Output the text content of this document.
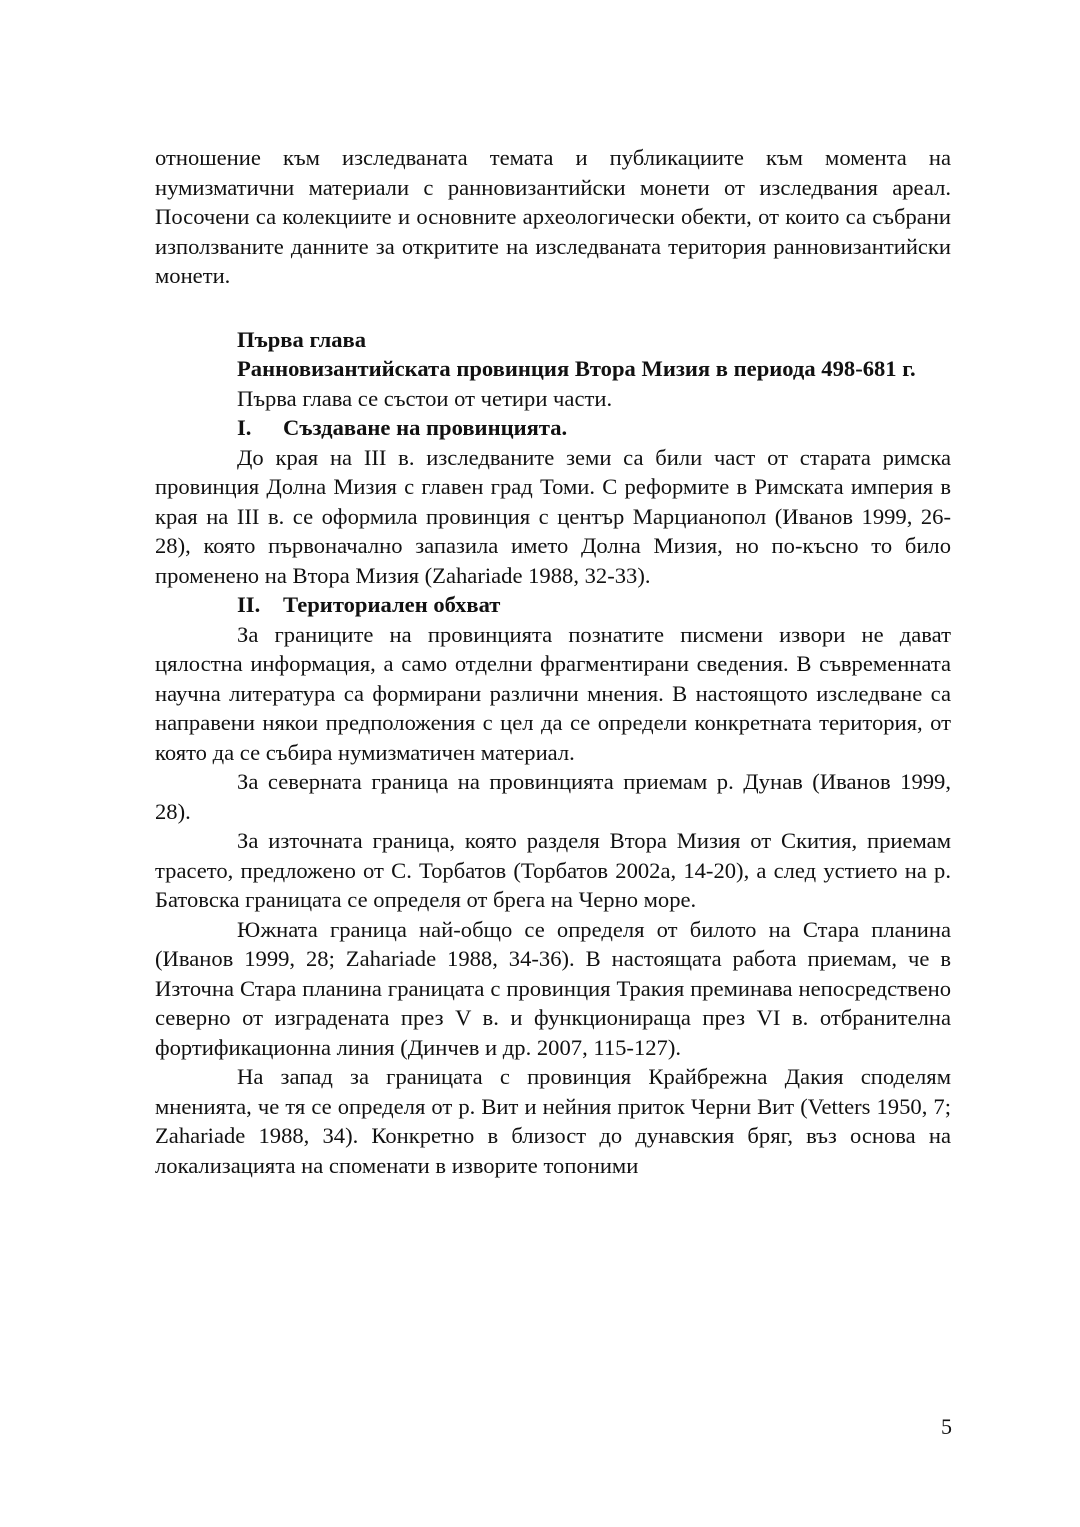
отношение към изследваната темата и публикациите към момента на нумизматични материали с ранновизантийски монети от изследвания ареал. Посочени са колекциите и основните археологически обекти, от които са събрани използваните данните за откритите на изследваната територия ранновизантийски монети.

Първа глава

Ранновизантийската провинция Втора Мизия в периода 498-681 г.

Първа глава се състои от четири части.

I.	Създаване на провинцията.

До края на III в. изследваните земи са били част от старата римска провинция Долна Мизия с главен град Томи. С реформите в Римската империя в края на III в. се оформила провинция с център Марцианопол (Иванов 1999, 26-28), която първоначално запазила името Долна Мизия, но по-късно то било променено на Втора Мизия (Zahariade 1988, 32-33).

II.	Териториален обхват

За границите на провинцията познатите писмени извори не дават цялостна информация, а само отделни фрагментирани сведения. В съвременната научна литература са формирани различни мнения. В настоящото изследване са направени някои предположения с цел да се определи конкретната територия, от която да се събира нумизматичен материал.

За северната граница на провинцията приемам р. Дунав (Иванов 1999, 28).

За източната граница, която разделя Втора Мизия от Скития, приемам трасето, предложено от С. Торбатов (Торбатов 2002a, 14-20), а след устието на р. Батовска границата се определя от брега на Черно море.

Южната граница най-общо се определя от билото на Стара планина (Иванов 1999, 28; Zahariade 1988, 34-36). В настоящата работа приемам, че в Източна Стара планина границата с провинция Тракия преминава непосредствено северно от изградената през V в. и функционираща през VI в. отбранителна фортификационна линия (Динчев и др. 2007, 115-127).

На запад за границата с провинция Крайбрежна Дакия споделям мненията, че тя се определя от р. Вит и нейния приток Черни Вит (Vetters 1950, 7; Zahariade 1988, 34). Конкретно в близост до дунавския бряг, въз основа на локализацията на споменати в изворите топоними

5
